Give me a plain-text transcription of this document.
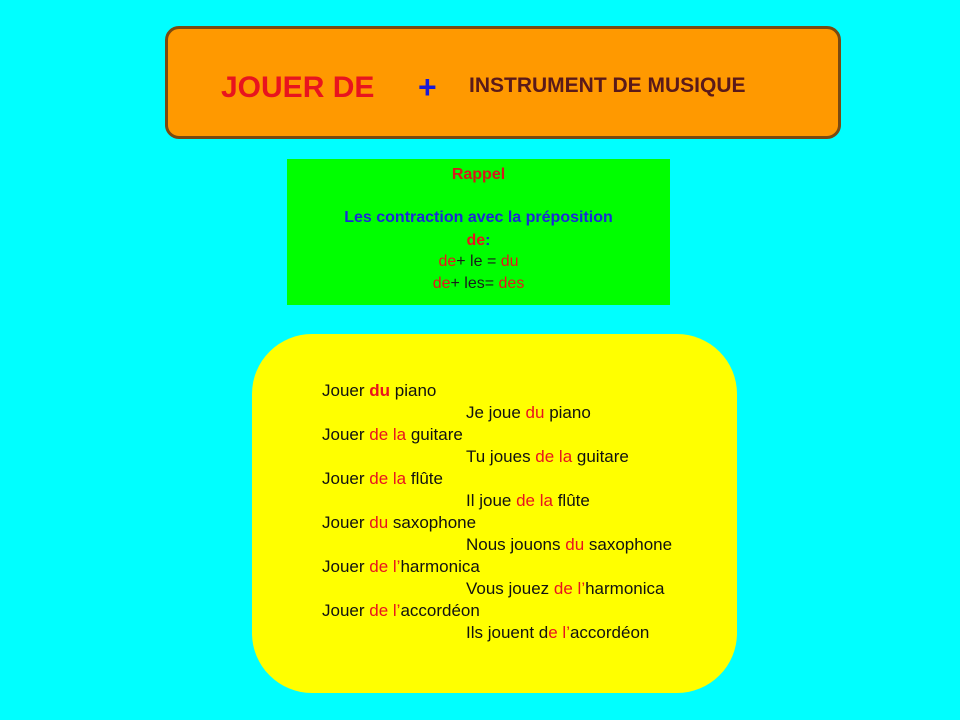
JOUER DE + INSTRUMENT DE MUSIQUE
Rappel
Les contraction avec la préposition
de:
de+ le = du
de+ les= des
Jouer du piano
Je joue du piano
Jouer de la guitare
Tu joues de la guitare
Jouer de la flûte
Il joue de la flûte
Jouer du saxophone
Nous jouons du saxophone
Jouer de l’harmonica
Vous jouez de l’harmonica
Jouer de l’accordéon
Ils jouent de l’accordéon
